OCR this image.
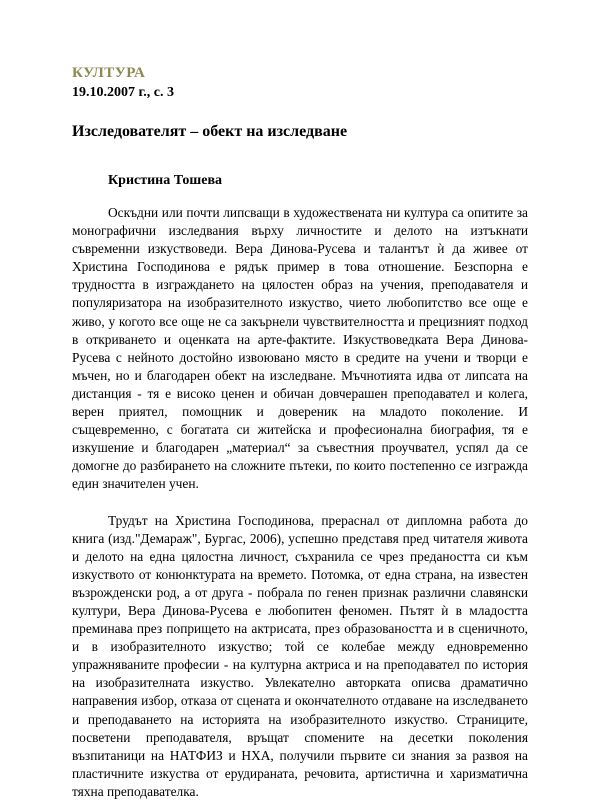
КУЛТУРА
19.10.2007 г., с. 3
Изследователят – обект на изследване
Кристина Тошева

Оскъдни или почти липсващи в художествената ни култура са опитите за монографични изследвания върху личностите и делото на изтъкнати съвременни изкуствоведи. Вера Динова-Русева и талантът ѝ да живее от Христина Господинова е рядък пример в това отношение. Безспорна е трудността в изграждането на цялостен образ на учения, преподавателя и популяризатора на изобразителното изкуство, чието любопитство все още е живо, у когото все още не са закърнели чувствителността и прецизният подход в откриването и оценката на арте-фактите. Изкуствоведката Вера Динова-Русева с нейното достойно извоювано място в средите на учени и творци е мъчен, но и благодарен обект на изследване. Мъчнотията идва от липсата на дистанция - тя е високо ценен и обичан довчерашен преподавател и колега, верен приятел, помощник и довереник на младото поколение. И същевременно, с богатата си житейска и професионална биография, тя е изкушение и благодарен „материал“ за съвестния проучвател, успял да се домогне до разбирането на сложните пътеки, по които постепенно се изгражда един значителен учен.

Трудът на Христина Господинова, прераснал от дипломна работа до книга (изд."Демараж", Бургас, 2006), успешно представя пред читателя живота и делото на една цялостна личност, съхранила се чрез предаността си към изкуството от конюнктурата на времето. Потомка, от една страна, на известен възрожденски род, а от друга - побрала по генен признак различни славянски култури, Вера Динова-Русева е любопитен феномен. Пътят ѝ в младостта преминава през попрището на актрисата, през образоваността и в сценичното, и в изобразителното изкуство; той се колебае между едновременно упражняваните професии - на културна актриса и на преподавател по история на изобразителната изкуство. Увлекателно авторката описва драматично направения избор, отказа от сцената и окончателното отдаване на изследването и преподаването на историята на изобразителното изкуство. Страниците, посветени преподавателя, връщат спомените на десетки поколения възпитаници на НАТФИЗ и НХА, получили първите си знания за развоя на пластичните изкуства от ерудираната, речовита, артистична и харизматична тяхна преподавателка.
